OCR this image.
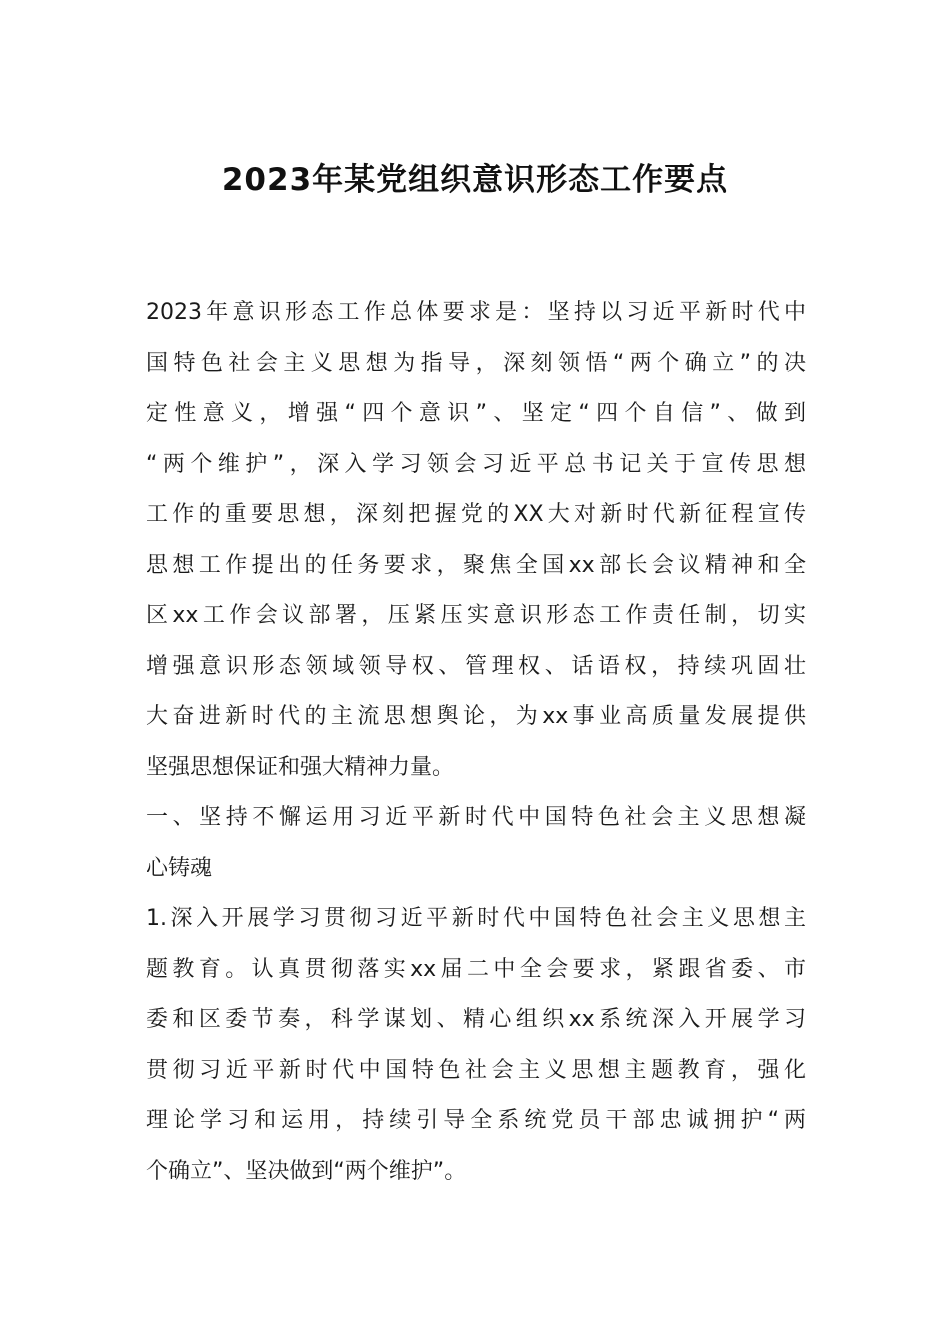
2023年某党组织意识形态工作要点
2023年意识形态工作总体要求是：坚持以习近平新时代中
国特色社会主义思想为指导，深刻领悟“两个确立”的决
定性意义，增强“四个意识”、坚定“四个自信”、做到
“两个维护”，深入学习领会习近平总书记关于宣传思想
工作的重要思想，深刻把握党的XX大对新时代新征程宣传
思想工作提出的任务要求，聚焦全国xx部长会议精神和全
区xx工作会议部署，压紧压实意识形态工作责任制，切实
增强意识形态领域领导权、管理权、话语权，持续巩固壮
大奋进新时代的主流思想舆论，为xx事业高质量发展提供
坚强思想保证和强大精神力量。
一、坚持不懈运用习近平新时代中国特色社会主义思想凝
心铸魂
1.深入开展学习贯彻习近平新时代中国特色社会主义思想主
题教育。认真贯彻落实xx届二中全会要求，紧跟省委、市
委和区委节奏，科学谋划、精心组织xx系统深入开展学习
贯彻习近平新时代中国特色社会主义思想主题教育，强化
理论学习和运用，持续引导全系统党员干部忠诚拥护“两
个确立”、坚决做到“两个维护”。
